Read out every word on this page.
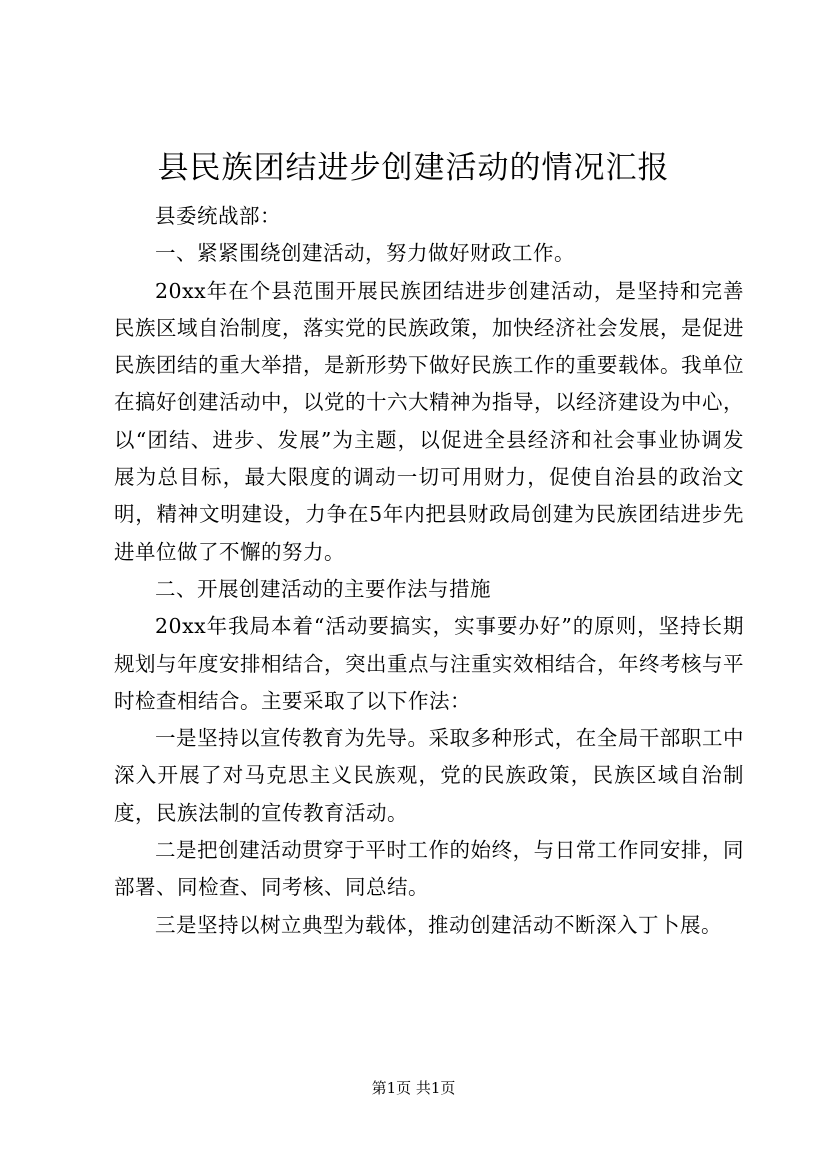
县民族团结进步创建活动的情况汇报

县委统战部：

一、紧紧围绕创建活动，努力做好财政工作。

20xx年在个县范围开展民族团结进步创建活动，是坚持和完善民族区域自治制度，落实党的民族政策，加快经济社会发展，是促进民族团结的重大举措，是新形势下做好民族工作的重要载体。我单位在搞好创建活动中，以党的十六大精神为指导，以经济建设为中心，以“团结、进步、发展”为主题，以促进全县经济和社会事业协调发展为总目标，最大限度的调动一切可用财力，促使自治县的政治文明，精神文明建设，力争在5年内把县财政局创建为民族团结进步先进单位做了不懈的努力。

二、开展创建活动的主要作法与措施

20xx年我局本着“活动要搞实，实事要办好”的原则，坚持长期规划与年度安排相结合，突出重点与注重实效相结合，年终考核与平时检查相结合。主要采取了以下作法：

一是坚持以宣传教育为先导。采取多种形式，在全局干部职工中深入开展了对马克思主义民族观，党的民族政策，民族区域自治制度，民族法制的宣传教育活动。

二是把创建活动贯穿于平时工作的始终，与日常工作同安排，同部署、同检查、同考核、同总结。

三是坚持以树立典型为载体，推动创建活动不断深入丁卜展。

第1页 共1页
